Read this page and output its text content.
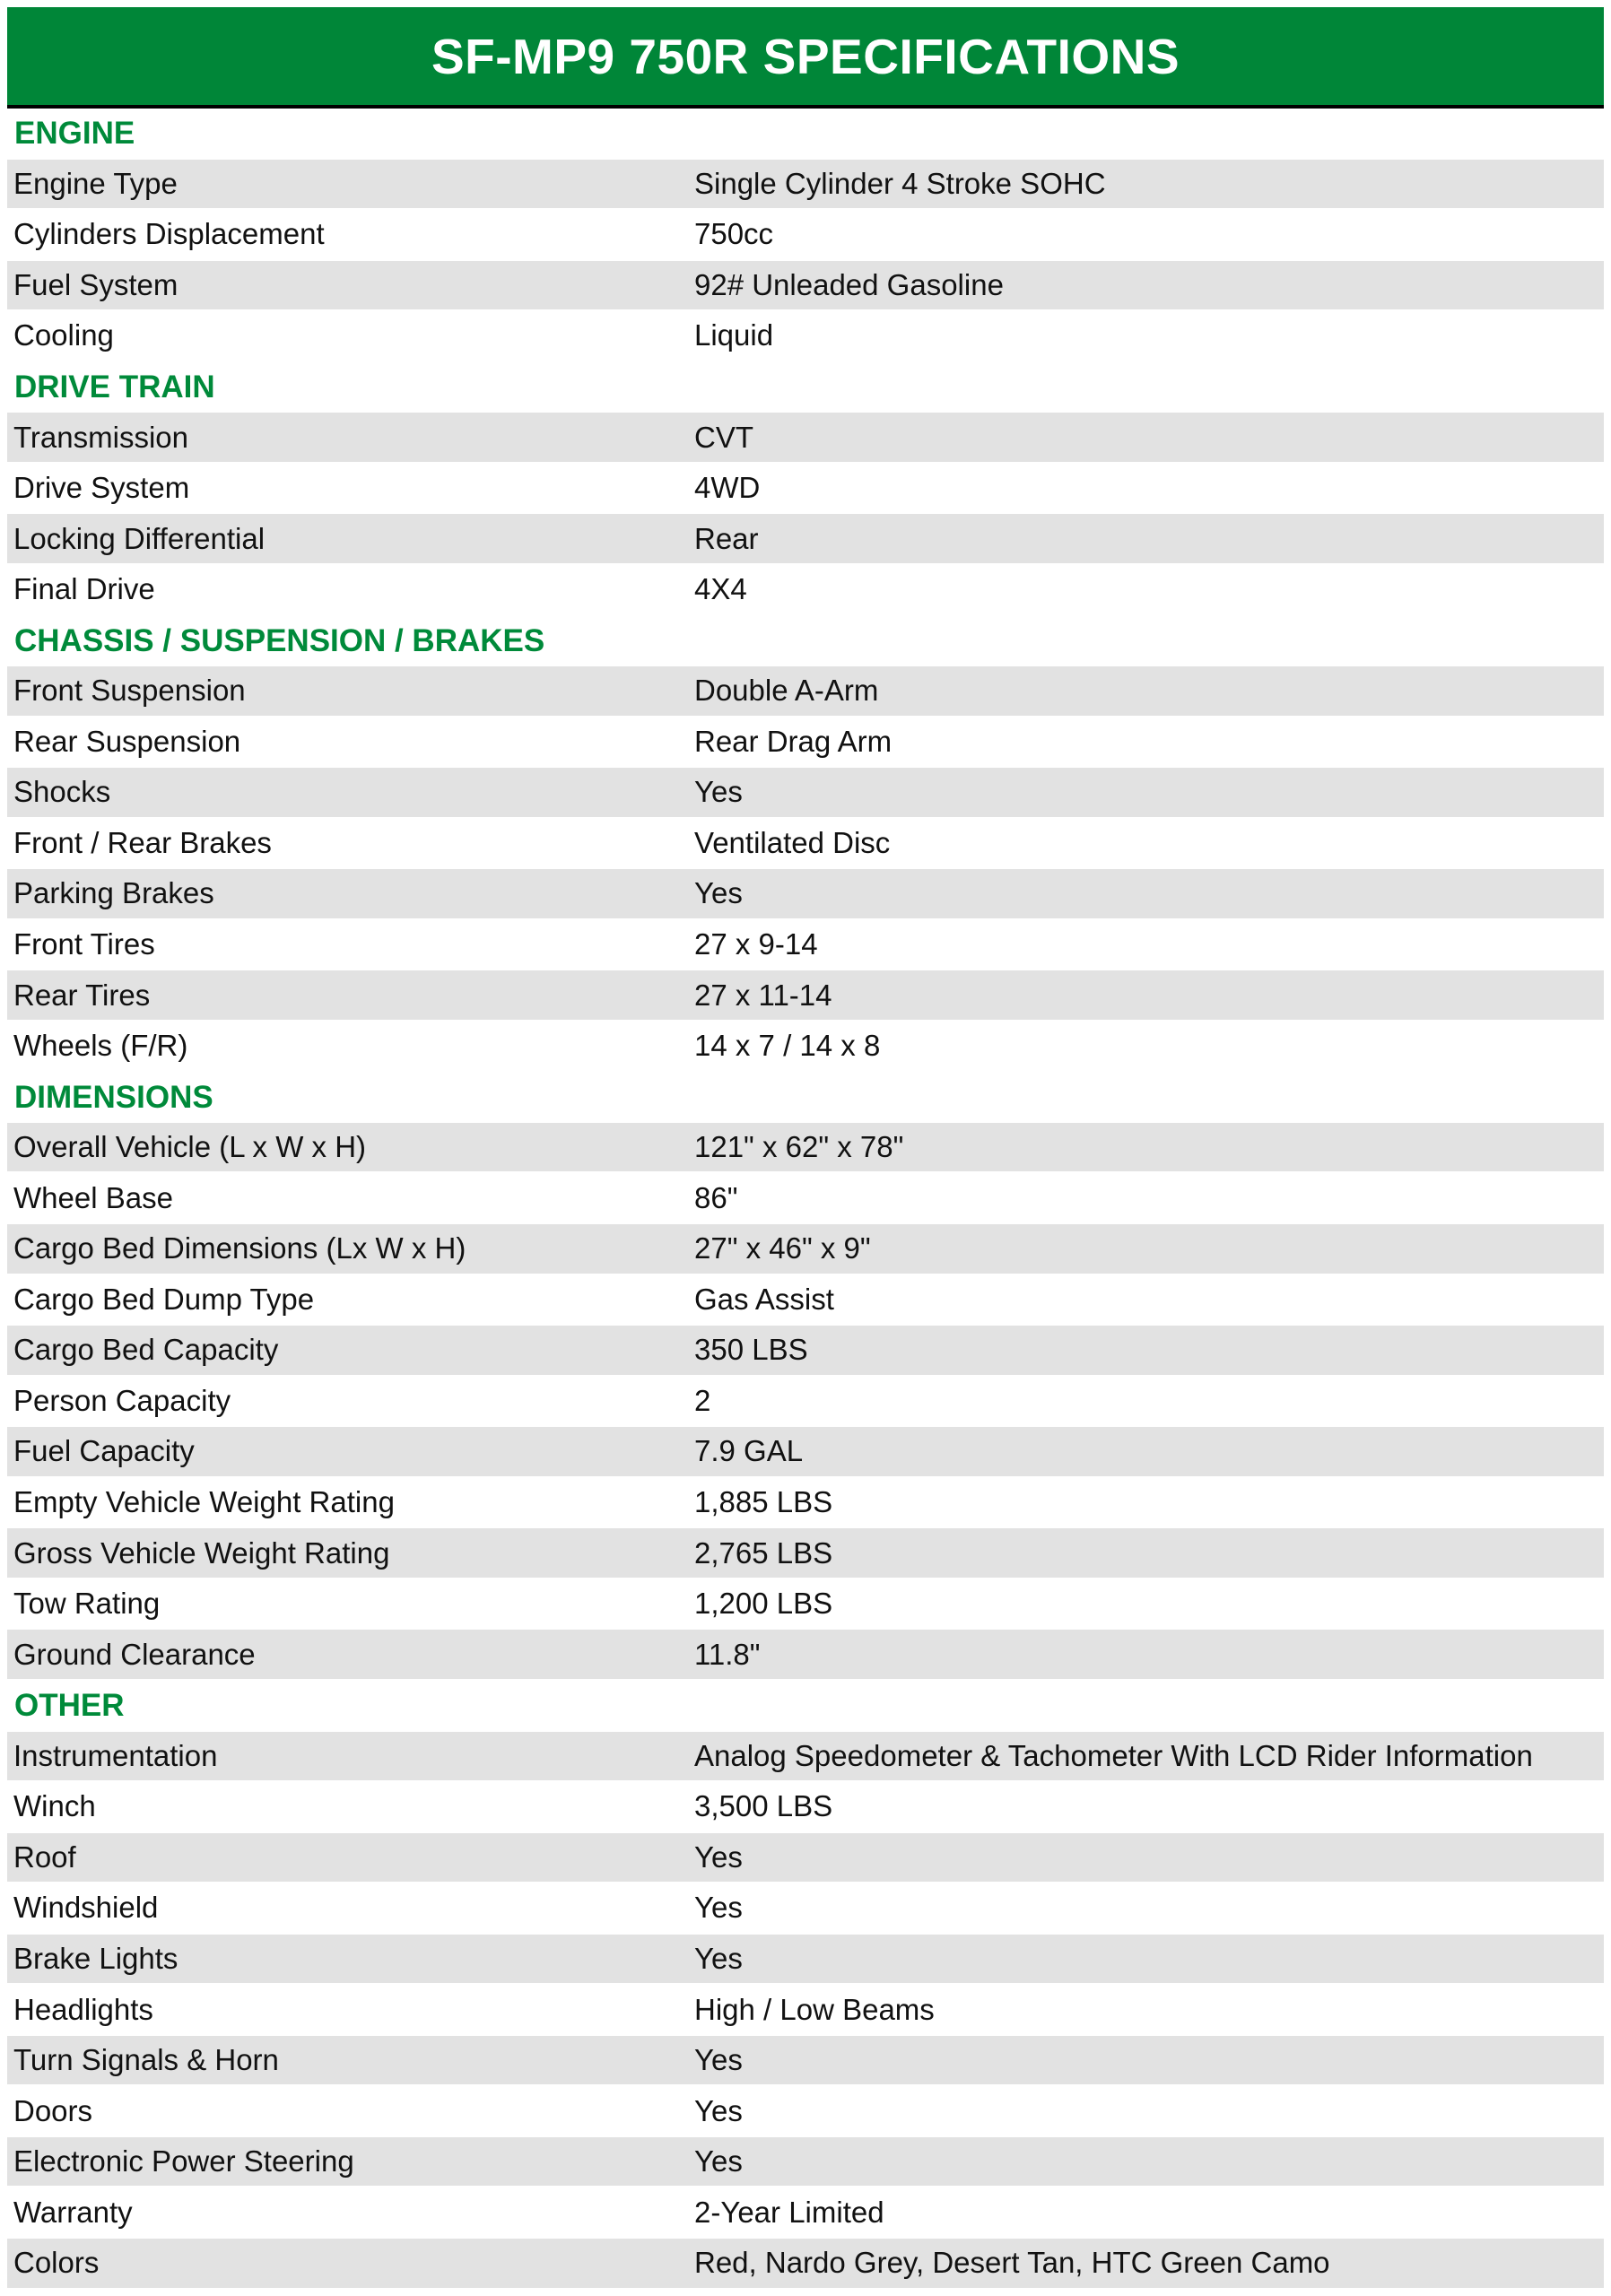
SF-MP9 750R SPECIFICATIONS
ENGINE
Engine Type	Single Cylinder 4 Stroke SOHC
Cylinders Displacement	750cc
Fuel System	92# Unleaded Gasoline
Cooling	Liquid
DRIVE TRAIN
Transmission	CVT
Drive System	4WD
Locking Differential	Rear
Final Drive	4X4
CHASSIS / SUSPENSION / BRAKES
Front Suspension	Double A-Arm
Rear Suspension	Rear Drag Arm
Shocks	Yes
Front / Rear Brakes	Ventilated Disc
Parking Brakes	Yes
Front Tires	27 x 9-14
Rear Tires	27 x 11-14
Wheels (F/R)	14 x 7 / 14 x 8
DIMENSIONS
Overall Vehicle (L x W x H)	121" x 62" x 78"
Wheel Base	86"
Cargo Bed Dimensions (Lx W x H)	27" x 46" x 9"
Cargo Bed Dump Type	Gas Assist
Cargo Bed Capacity	350 LBS
Person Capacity	2
Fuel Capacity	7.9 GAL
Empty Vehicle Weight Rating	1,885 LBS
Gross Vehicle Weight Rating	2,765 LBS
Tow Rating	1,200 LBS
Ground Clearance	11.8"
OTHER
Instrumentation	Analog Speedometer & Tachometer With LCD Rider Information
Winch	3,500 LBS
Roof	Yes
Windshield	Yes
Brake Lights	Yes
Headlights	High / Low Beams
Turn Signals & Horn	Yes
Doors	Yes
Electronic Power Steering	Yes
Warranty	2-Year Limited
Colors	Red, Nardo Grey, Desert Tan, HTC Green Camo
